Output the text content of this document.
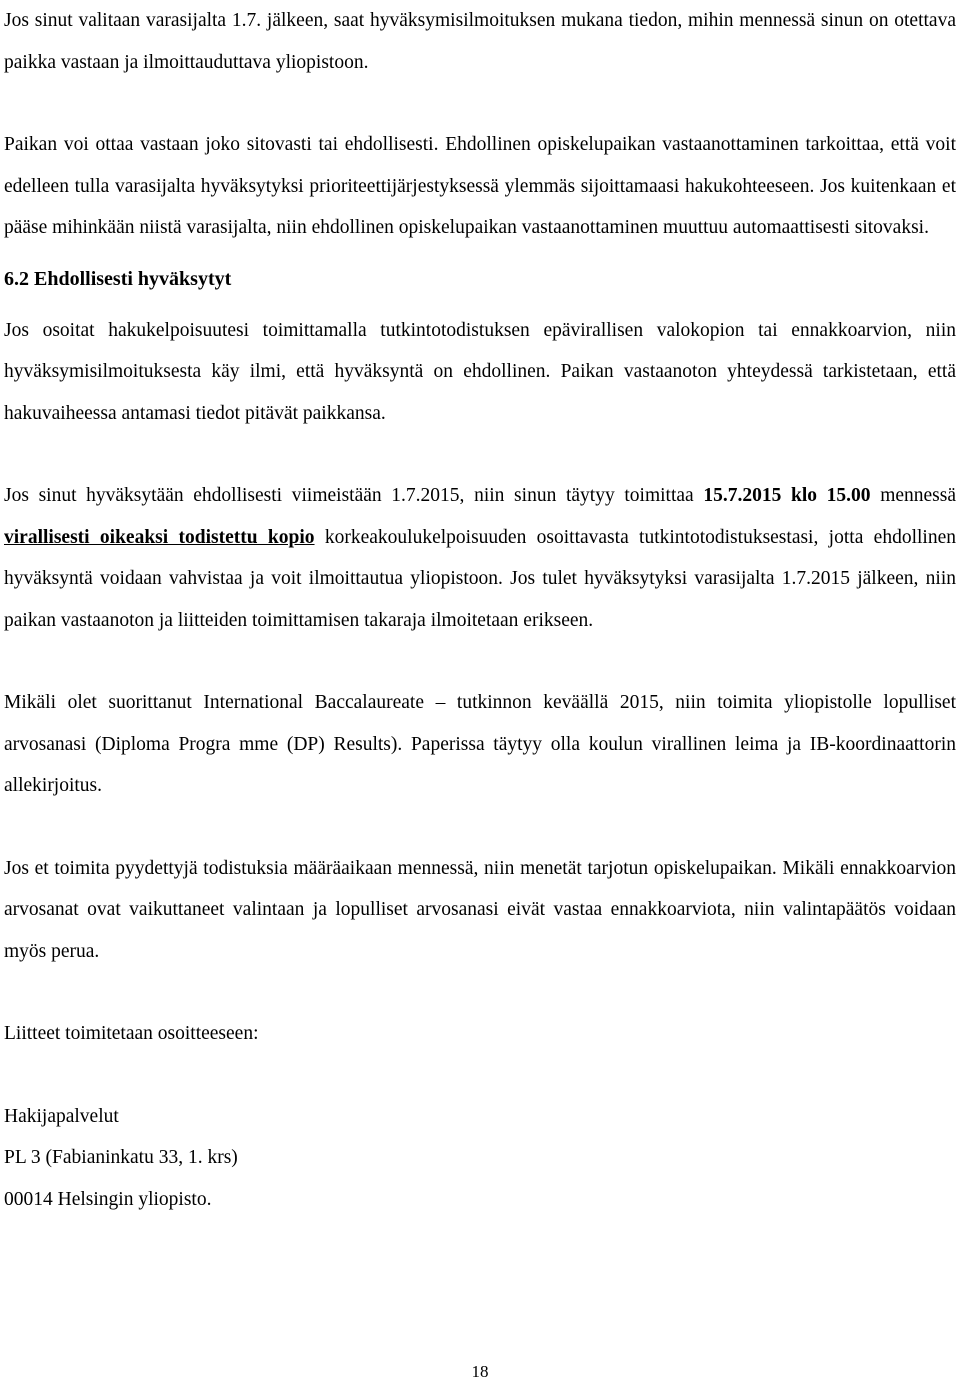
Jos sinut valitaan varasijalta 1.7. jälkeen, saat hyväksymisilmoituksen mukana tiedon, mihin mennessä sinun on otettava paikka vastaan ja ilmoittauduttava yliopistoon.

Paikan voi ottaa vastaan joko sitovasti tai ehdollisesti. Ehdollinen opiskelupaikan vastaanottaminen tarkoittaa, että voit edelleen tulla varasijalta hyväksytyksi prioriteettijärjestyksessä ylemmäs sijoittamaasi hakukohteeseen. Jos kuitenkaan et pääse mihinkään niistä varasijalta, niin ehdollinen opiskelupaikan vastaanottaminen muuttuu automaattisesti sitovaksi.

6.2 Ehdollisesti hyväksytyt

Jos osoitat hakukelpoisuutesi toimittamalla tutkintotodistuksen epävirallisen valokopion tai ennakkoarvion, niin hyväksymisilmoituksesta käy ilmi, että hyväksyntä on ehdollinen. Paikan vastaanoton yhteydessä tarkistetaan, että hakuvaiheessa antamasi tiedot pitävät paikkansa.

Jos sinut hyväksytään ehdollisesti viimeistään 1.7.2015, niin sinun täytyy toimittaa 15.7.2015 klo 15.00 mennessä virallisesti oikeaksi todistettu kopio korkeakoulukelpoisuuden osoittavasta tutkintotodistuksestasi, jotta ehdollinen hyväksyntä voidaan vahvistaa ja voit ilmoittautua yliopistoon. Jos tulet hyväksytyksi varasijalta 1.7.2015 jälkeen, niin paikan vastaanoton ja liitteiden toimittamisen takaraja ilmoitetaan erikseen.

Mikäli olet suorittanut International Baccalaureate – tutkinnon keväällä 2015, niin toimita yliopistolle lopulliset arvosanasi (Diploma Progra mme (DP) Results). Paperissa täytyy olla koulun virallinen leima ja IB-koordinaattorin allekirjoitus.

Jos et toimita pyydettyjä todistuksia määräaikaan mennessä, niin menetät tarjotun opiskelupaikan. Mikäli ennakkoarvion arvosanat ovat vaikuttaneet valintaan ja lopulliset arvosanasi eivät vastaa ennakkoarviota, niin valintapäätös voidaan myös perua.

Liitteet toimitetaan osoitteeseen:

Hakijapalvelut
PL 3 (Fabianinkatu 33, 1. krs)
00014 Helsingin yliopisto.
18
